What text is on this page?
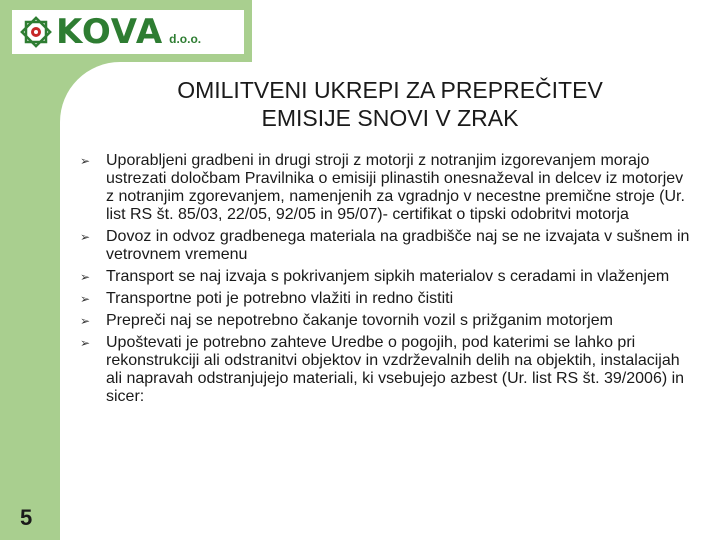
KOVA d.o.o.
OMILITVENI UKREPI ZA PREPREČITEV
EMISIJE SNOVI V ZRAK
➢ Uporabljeni gradbeni in drugi stroji z motorji z notranjim izgorevanjem morajo ustrezati določbam Pravilnika o emisiji plinastih onesnaževal in delcev iz motorjev z notranjim zgorevanjem, namenjenih za vgradnjo v necestne premične stroje (Ur. list RS št. 85/03, 22/05, 92/05 in 95/07)- certifikat o tipski odobritvi motorja
➢ Dovoz in odvoz gradbenega materiala na gradbišče naj se ne izvajata v sušnem in vetrovnem vremenu
➢ Transport se naj izvaja s pokrivanjem sipkih materialov s ceradami in vlaženjem
➢ Transportne poti je potrebno vlažiti in redno čistiti
➢ Prepreči naj se nepotrebno čakanje tovornih vozil s prižganim motorjem
➢ Upoštevati je potrebno zahteve Uredbe o pogojih, pod katerimi se lahko pri rekonstrukciji ali odstranitvi objektov in vzdrževalnih delih na objektih, instalacijah ali napravah odstranjujejo materiali, ki vsebujejo azbest (Ur. list RS št. 39/2006) in sicer:
5
